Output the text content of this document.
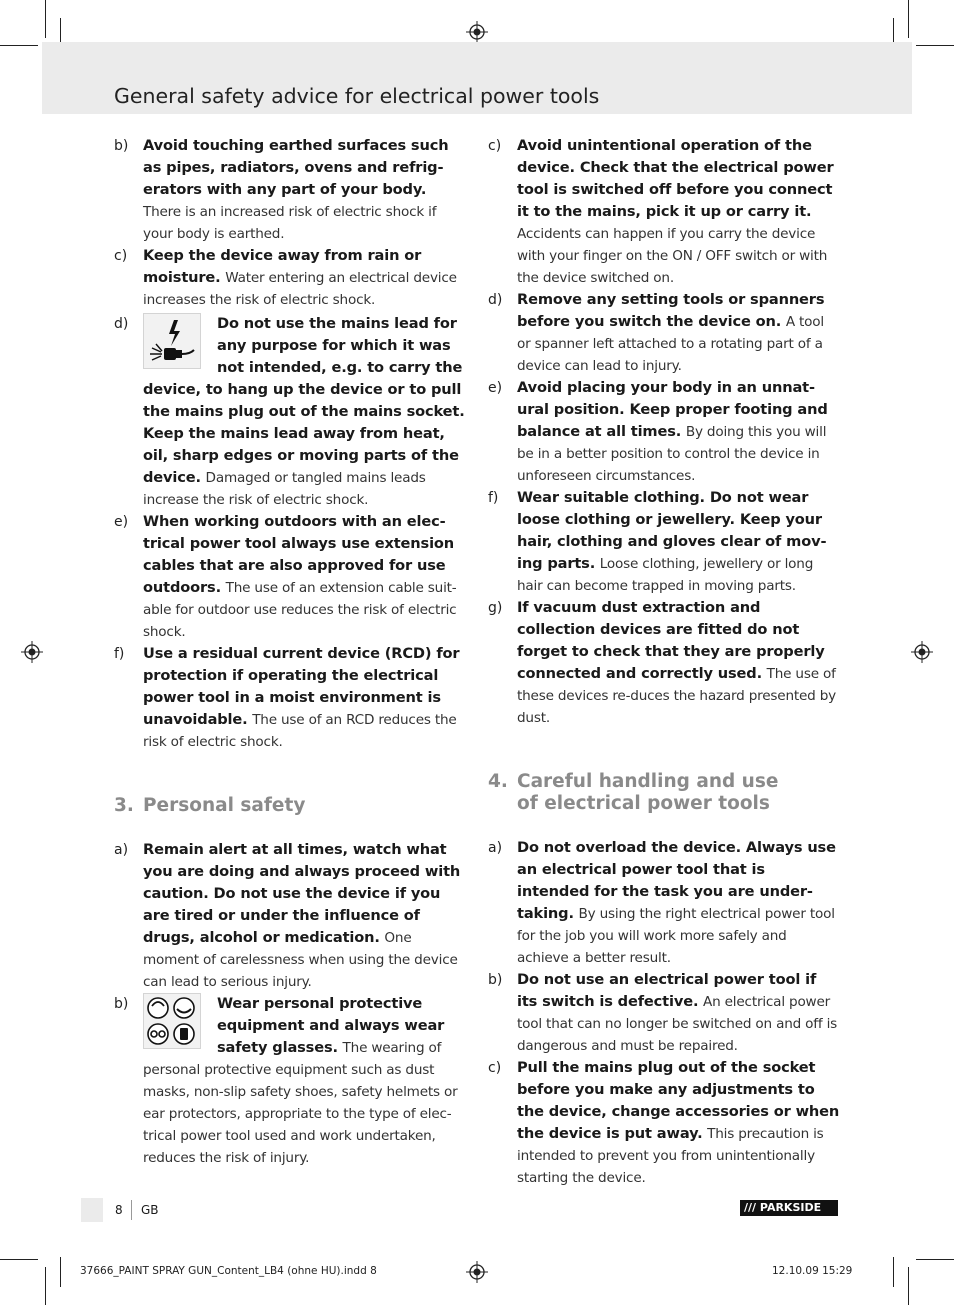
General safety advice for electrical power tools
b) Avoid touching earthed surfaces such as pipes, radiators, ovens and refrig-erators with any part of your body. There is an increased risk of electric shock if your body is earthed.
c) Keep the device away from rain or moisture. Water entering an electrical device increases the risk of electric shock.
d)	Do not use the mains lead for any purpose for which it was not intended, e.g. to carry the device, to hang up the device or to pull the mains plug out of the mains socket. Keep the mains lead away from heat, oil, sharp edges or moving parts of the device. Damaged or tangled mains leads increase the risk of electric shock.
e) When working outdoors with an elec-trical power tool always use extension cables that are also approved for use outdoors. The use of an extension cable suit-able for outdoor use reduces the risk of electric shock.
f) Use a residual current device (RCD) for protection if operating the electrical power tool in a moist environment is unavoidable. The use of an RCD reduces the risk of electric shock.
3. Personal safety
a) Remain alert at all times, watch what you are doing and always proceed with caution. Do not use the device if you are tired or under the influence of drugs, alcohol or medication. One moment of carelessness when using the device can lead to serious injury.
b)	Wear personal protective equipment and always wear safety glasses. The wearing of personal protective equipment such as dust masks, non-slip safety shoes, safety helmets or ear protectors, appropriate to the type of elec-trical power tool used and work undertaken, reduces the risk of injury.
c) Avoid unintentional operation of the device. Check that the electrical power tool is switched off before you connect it to the mains, pick it up or carry it. Accidents can happen if you carry the device with your finger on the ON / OFF switch or with the device switched on.
d) Remove any setting tools or spanners before you switch the device on. A tool or spanner left attached to a rotating part of a device can lead to injury.
e) Avoid placing your body in an unnat-ural position. Keep proper footing and balance at all times. By doing this you will be in a better position to control the device in unforeseen circumstances.
f) Wear suitable clothing. Do not wear loose clothing or jewellery. Keep your hair, clothing and gloves clear of mov-ing parts. Loose clothing, jewellery or long hair can become trapped in moving parts.
g) If vacuum dust extraction and collection devices are fitted do not forget to check that they are properly connected and correctly used. The use of these devices re-duces the hazard presented by dust.
4. Careful handling and use
of electrical power tools
a) Do not overload the device. Always use an electrical power tool that is intended for the task you are under-taking. By using the right electrical power tool for the job you will work more safely and achieve a better result.
b) Do not use an electrical power tool if its switch is defective. An electrical power tool that can no longer be switched on and off is dangerous and must be repaired.
c) Pull the mains plug out of the socket before you make any adjustments to the device, change accessories or when the device is put away. This precaution is intended to prevent you from unintentionally starting the device.
8 GB	/// PARKSIDE
37666_PAINT SPRAY GUN_Content_LB4 (ohne HU).indd 8	12.10.09 15:29
